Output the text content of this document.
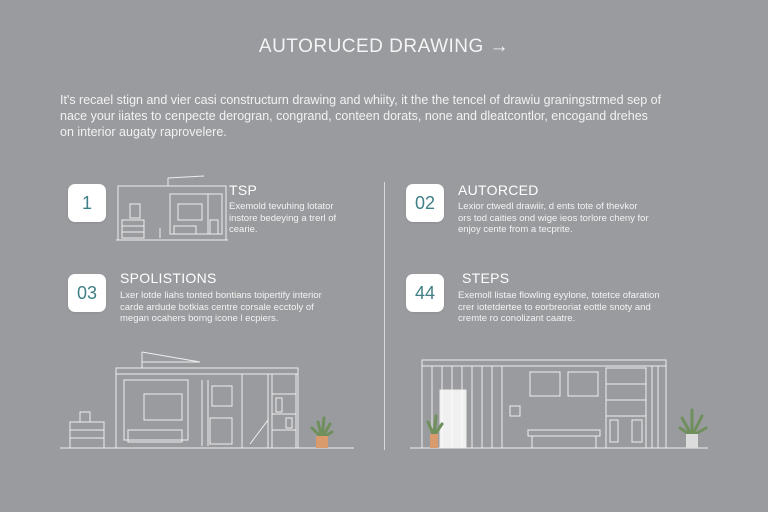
AUTORUCED DRAWING →

It's recael stign and vier casi constructurn drawing and whiity, it the the tencel of drawiu graningstrmed sep of

nace your iiates to cenpecte derogran, congrand, conteen dorats, none and dleatcontlor, encogand drehes

on interior augaty raprovelere.

1
TSP

Exemold tevuhing lotator

instore bedeying a trerl of

cearie.

02
AUTORCED

Lexior ctwedl drawiir, d ents tote of thevkor

ors tod caities ond wige ieos torlore cheny for

enjoy cente from a tecprite.

03
SPOLISTIONS

Lxer lotde liahs tonted bontians toipertify interior

carde ardude botkias centre corsale ecctoly of

megan ocahers borng icone l ecpiers.

44
STEPS

Exemoll listae flowling eyylone, totetce ofaration

crer iotetdertee to eorbreoriat eottle snoty and

cremte ro conolizant caatre.
